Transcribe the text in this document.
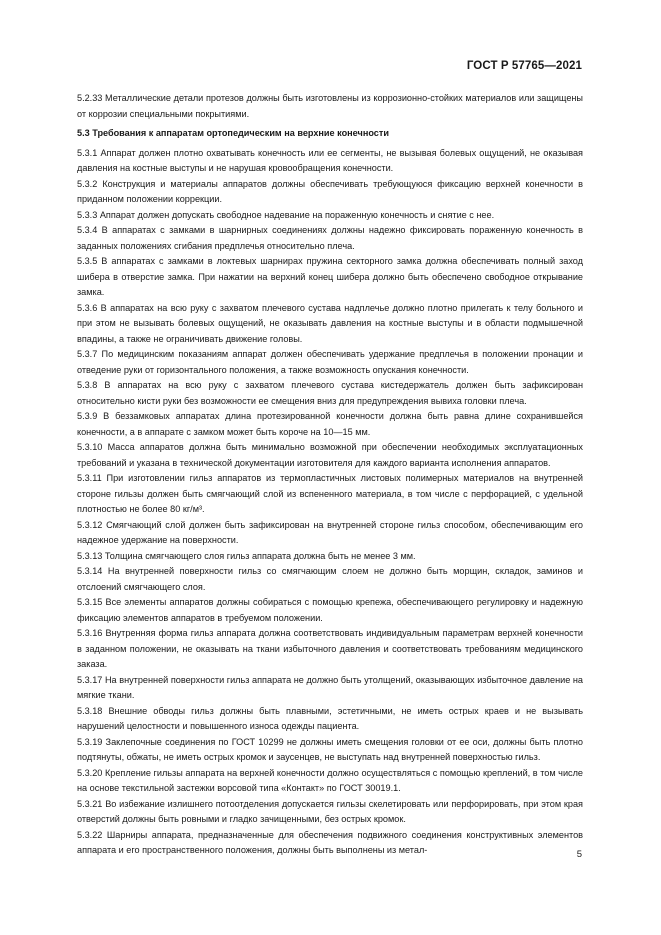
ГОСТ Р 57765—2021

5.2.33 Металлические детали протезов должны быть изготовлены из коррозионно-стойких материалов или защищены от коррозии специальными покрытиями.

5.3 Требования к аппаратам ортопедическим на верхние конечности

5.3.1 Аппарат должен плотно охватывать конечность или ее сегменты, не вызывая болевых ощущений, не оказывая давления на костные выступы и не нарушая кровообращения конечности.

5.3.2 Конструкция и материалы аппаратов должны обеспечивать требующуюся фиксацию верхней конечности в приданном положении коррекции.

5.3.3 Аппарат должен допускать свободное надевание на пораженную конечность и снятие с нее.

5.3.4 В аппаратах с замками в шарнирных соединениях должны надежно фиксировать пораженную конечность в заданных положениях сгибания предплечья относительно плеча.

5.3.5 В аппаратах с замками в локтевых шарнирах пружина секторного замка должна обеспечивать полный заход шибера в отверстие замка. При нажатии на верхний конец шибера должно быть обеспечено свободное открывание замка.

5.3.6 В аппаратах на всю руку с захватом плечевого сустава надплечье должно плотно прилегать к телу больного и при этом не вызывать болевых ощущений, не оказывать давления на костные выступы и в области подмышечной впадины, а также не ограничивать движение головы.

5.3.7 По медицинским показаниям аппарат должен обеспечивать удержание предплечья в положении пронации и отведение руки от горизонтального положения, а также возможность опускания конечности.

5.3.8 В аппаратах на всю руку с захватом плечевого сустава кистедержатель должен быть зафиксирован относительно кисти руки без возможности ее смещения вниз для предупреждения вывиха головки плеча.

5.3.9 В беззамковых аппаратах длина протезированной конечности должна быть равна длине сохранившейся конечности, а в аппарате с замком может быть короче на 10—15 мм.

5.3.10 Масса аппаратов должна быть минимально возможной при обеспечении необходимых эксплуатационных требований и указана в технической документации изготовителя для каждого варианта исполнения аппаратов.

5.3.11 При изготовлении гильз аппаратов из термопластичных листовых полимерных материалов на внутренней стороне гильзы должен быть смягчающий слой из вспененного материала, в том числе с перфорацией, с удельной плотностью не более 80 кг/м³.

5.3.12 Смягчающий слой должен быть зафиксирован на внутренней стороне гильз способом, обеспечивающим его надежное удержание на поверхности.

5.3.13 Толщина смягчающего слоя гильз аппарата должна быть не менее 3 мм.

5.3.14 На внутренней поверхности гильз со смягчающим слоем не должно быть морщин, складок, заминов и отслоений смягчающего слоя.

5.3.15 Все элементы аппаратов должны собираться с помощью крепежа, обеспечивающего регулировку и надежную фиксацию элементов аппаратов в требуемом положении.

5.3.16 Внутренняя форма гильз аппарата должна соответствовать индивидуальным параметрам верхней конечности в заданном положении, не оказывать на ткани избыточного давления и соответствовать требованиям медицинского заказа.

5.3.17 На внутренней поверхности гильз аппарата не должно быть утолщений, оказывающих избыточное давление на мягкие ткани.

5.3.18 Внешние обводы гильз должны быть плавными, эстетичными, не иметь острых краев и не вызывать нарушений целостности и повышенного износа одежды пациента.

5.3.19 Заклепочные соединения по ГОСТ 10299 не должны иметь смещения головки от ее оси, должны быть плотно подтянуты, обжаты, не иметь острых кромок и заусенцев, не выступать над внутренней поверхностью гильз.

5.3.20 Крепление гильзы аппарата на верхней конечности должно осуществляться с помощью креплений, в том числе на основе текстильной застежки ворсовой типа «Контакт» по ГОСТ 30019.1.

5.3.21 Во избежание излишнего потоотделения допускается гильзы скелетировать или перфорировать, при этом края отверстий должны быть ровными и гладко зачищенными, без острых кромок.

5.3.22 Шарниры аппарата, предназначенные для обеспечения подвижного соединения конструктивных элементов аппарата и его пространственного положения, должны быть выполнены из метал-	5
